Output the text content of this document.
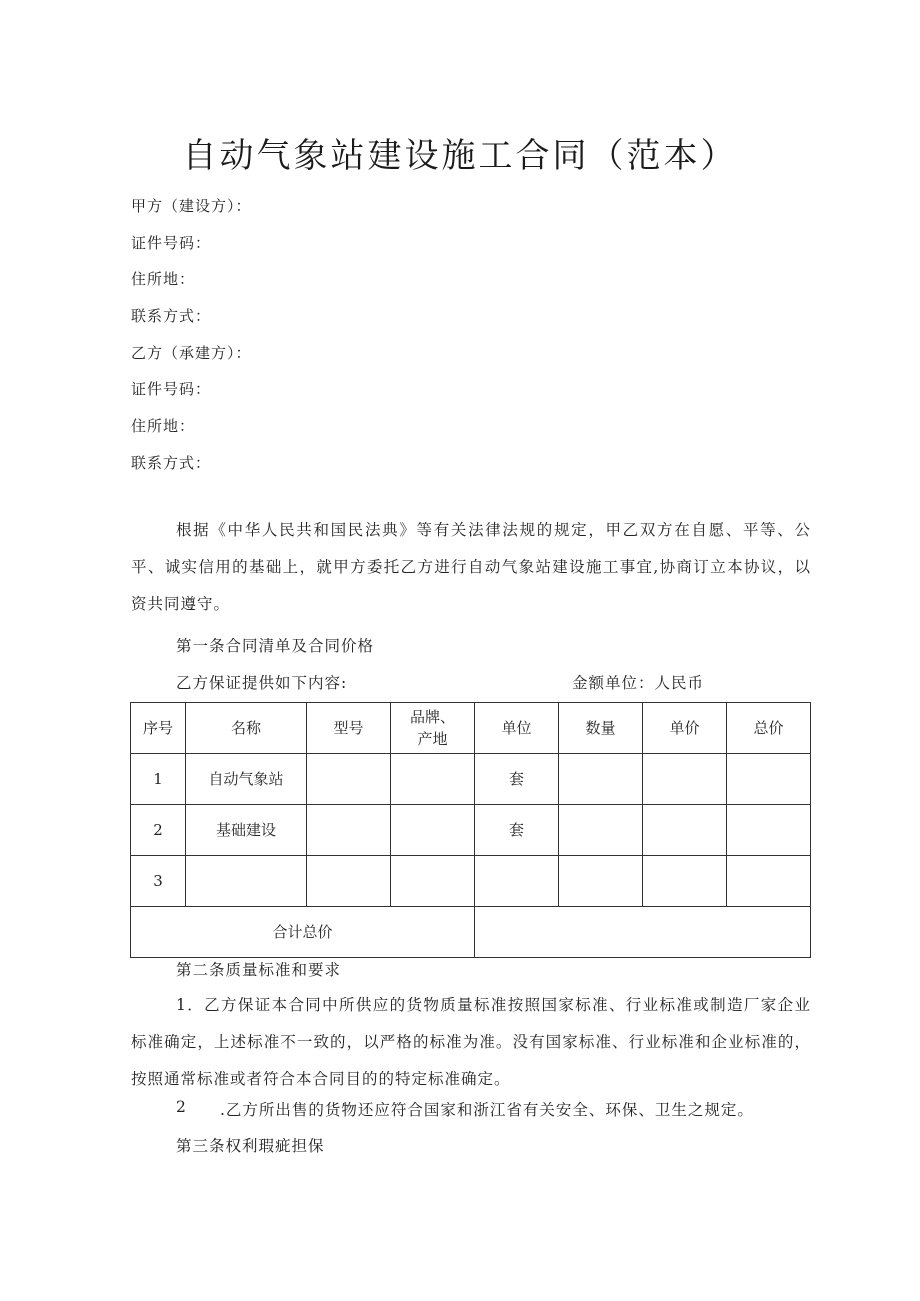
自动气象站建设施工合同（范本）
甲方（建设方）：
证件号码：
住所地：
联系方式：
乙方（承建方）：
证件号码：
住所地：
联系方式：
根据《中华人民共和国民法典》等有关法律法规的规定，甲乙双方在自愿、平等、公平、诚实信用的基础上，就甲方委托乙方进行自动气象站建设施工事宜,协商订立本协议，以资共同遵守。
第一条合同清单及合同价格
乙方保证提供如下内容:	金额单位：人民币
序号	名称	型号	品牌、产地	单位	数量	单价	总价
1	自动气象站			套			
2	基础建设			套			
3							
合计总价							
第二条质量标准和要求
1．乙方保证本合同中所供应的货物质量标准按照国家标准、行业标准或制造厂家企业标准确定，上述标准不一致的，以严格的标准为准。没有国家标准、行业标准和企业标准的，按照通常标准或者符合本合同目的的特定标准确定。
2 .乙方所出售的货物还应符合国家和浙江省有关安全、环保、卫生之规定。
第三条权利瑕疵担保
